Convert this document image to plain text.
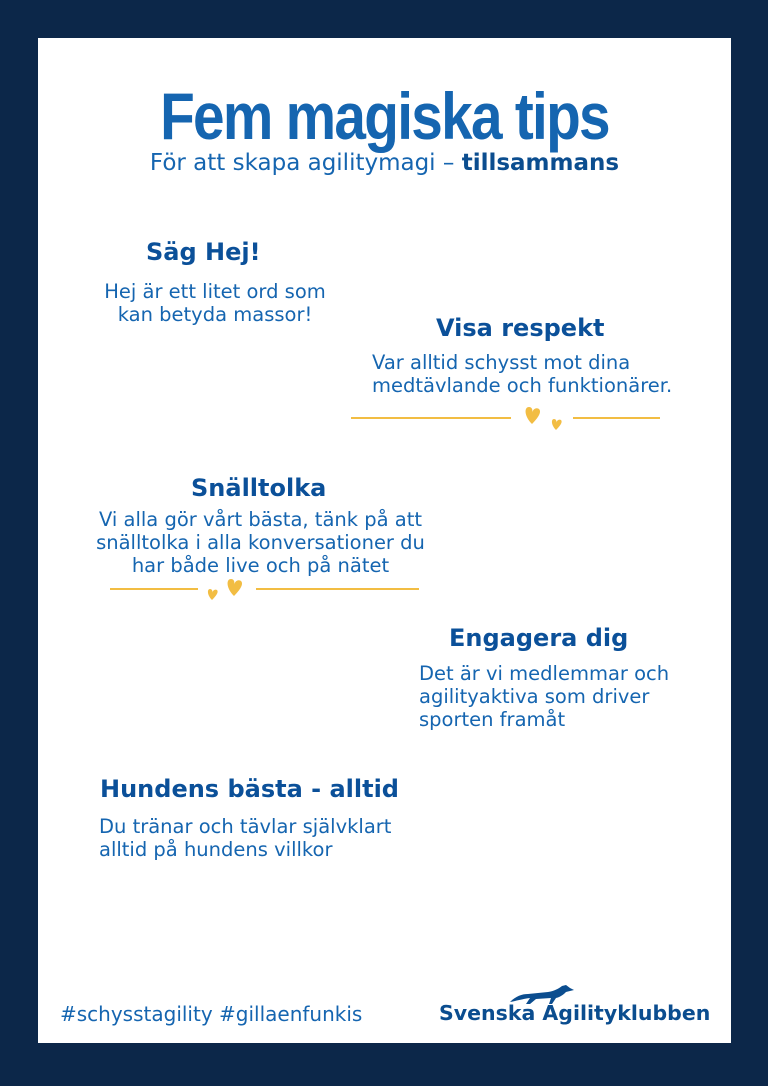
Fem magiska tips
För att skapa agilitymagi – tillsammans
Säg Hej!
Hej är ett litet ord som
kan betyda massor!	Visa respekt
Var alltid schysst mot dina
medtävlande och funktionärer.
Snälltolka
Vi alla gör vårt bästa, tänk på att
snälltolka i alla konversationer du
har både live och på nätet
Engagera dig
Det är vi medlemmar och
agilityaktiva som driver
sporten framåt
Hundens bästa - alltid
Du tränar och tävlar självklart
alltid på hundens villkor
#schysstagility #gillaenfunkis	Svenska Agilityklubben
